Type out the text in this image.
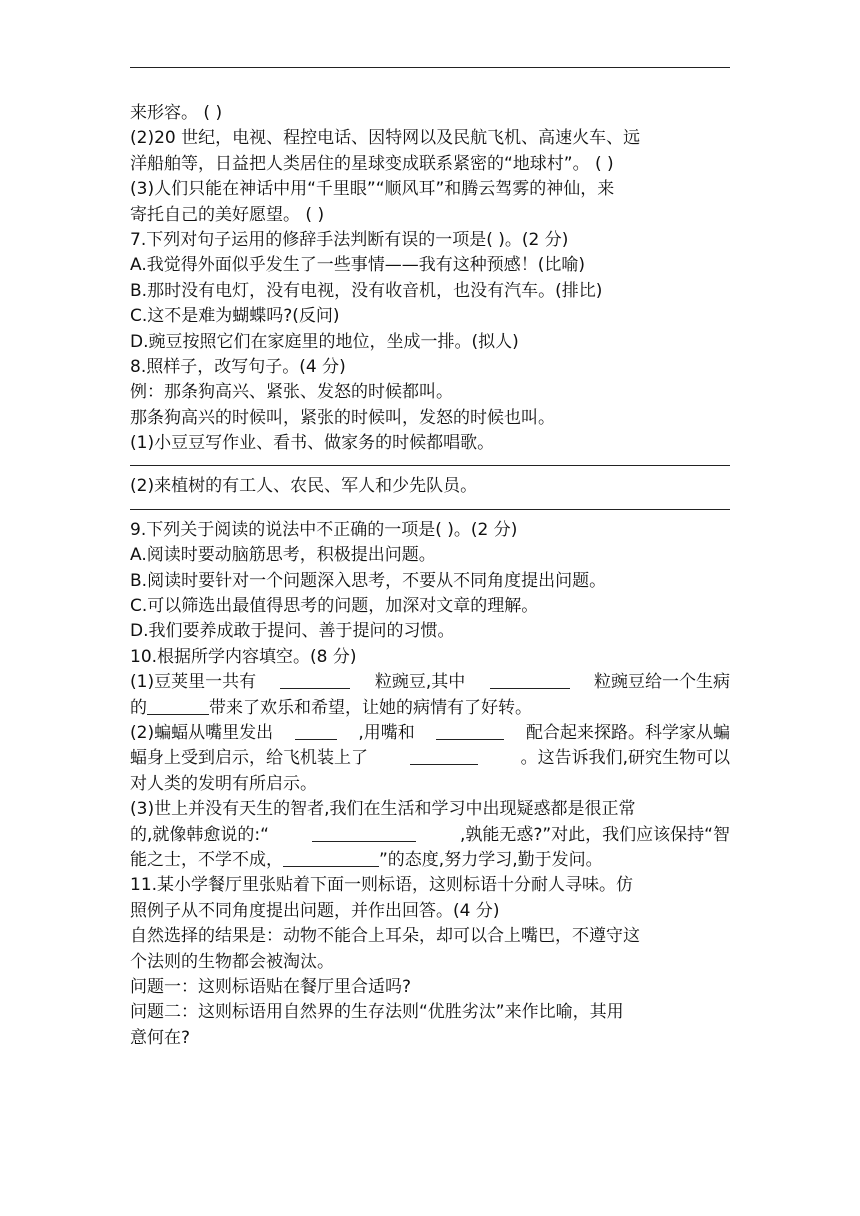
来形容。 ( )
(2)20 世纪，电视、程控电话、因特网以及民航飞机、高速火车、远
洋船舶等，日益把人类居住的星球变成联系紧密的“地球村”。 ( )
(3)人们只能在神话中用“千里眼”“顺风耳”和腾云驾雾的神仙，来
寄托自己的美好愿望。 ( )
7.下列对句子运用的修辞手法判断有误的一项是( )。(2 分)
A.我觉得外面似乎发生了一些事情——我有这种预感！(比喻)
B.那时没有电灯，没有电视，没有收音机，也没有汽车。(排比)
C.这不是难为蝴蝶吗?(反问)
D.豌豆按照它们在家庭里的地位，坐成一排。(拟人)
8.照样子，改写句子。(4 分)
例：那条狗高兴、紧张、发怒的时候都叫。
那条狗高兴的时候叫，紧张的时候叫，发怒的时候也叫。
(1)小豆豆写作业、看书、做家务的时候都唱歌。
(2)来植树的有工人、农民、军人和少先队员。
9.下列关于阅读的说法中不正确的一项是( )。(2 分)
A.阅读时要动脑筋思考，积极提出问题。
B.阅读时要针对一个问题深入思考，不要从不同角度提出问题。
C.可以筛选出最值得思考的问题，加深对文章的理解。
D.我们要养成敢于提问、善于提问的习惯。
10.根据所学内容填空。(8 分)
(1)豆荚里一共有	粒豌豆,其中	粒豌豆给一个生病
的	带来了欢乐和希望，让她的病情有了好转。
(2)蝙蝠从嘴里发出	,用嘴和	配合起来探路。科学家从蝙
蝠身上受到启示，给飞机装上了	。这告诉我们,研究生物可以
对人类的发明有所启示。
(3)世上并没有天生的智者,我们在生活和学习中出现疑惑都是很正常
的,就像韩愈说的:“	,孰能无惑?”对此，我们应该保持“智
能之士，不学不成，	”的态度,努力学习,勤于发问。
11.某小学餐厅里张贴着下面一则标语，这则标语十分耐人寻味。仿
照例子从不同角度提出问题，并作出回答。(4 分)
自然选择的结果是：动物不能合上耳朵，却可以合上嘴巴，不遵守这
个法则的生物都会被淘汰。
问题一：这则标语贴在餐厅里合适吗?
问题二：这则标语用自然界的生存法则“优胜劣汰”来作比喻，其用
意何在?
